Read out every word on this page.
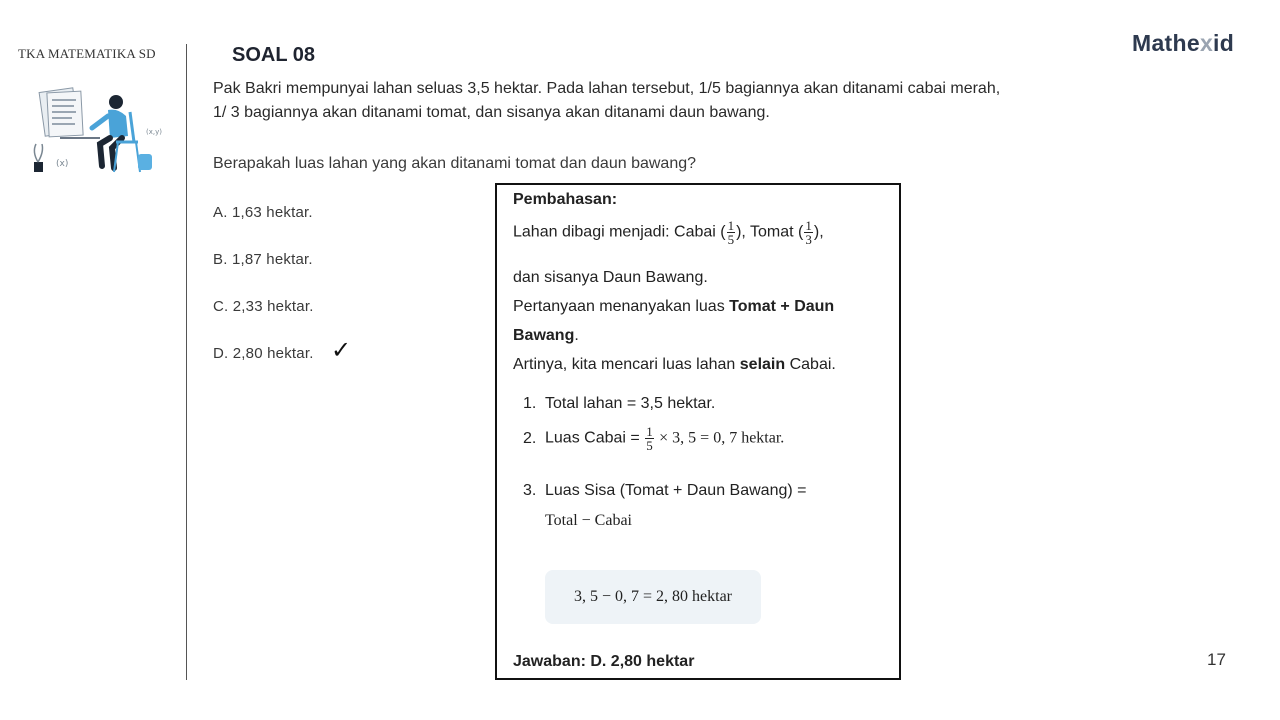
TKA MATEMATIKA SD
(x)
(x,y)
Mathexid
SOAL 08
Pak Bakri mempunyai lahan seluas 3,5 hektar. Pada lahan tersebut, 1/5 bagiannya akan ditanami cabai merah, 1/ 3 bagiannya akan ditanami tomat, dan sisanya akan ditanami daun bawang.
Berapakah luas lahan yang akan ditanami tomat dan daun bawang?
A. 1,63 hektar.
B. 1,87 hektar.
C. 2,33 hektar.
D. 2,80 hektar. ✓
Pembahasan:
Lahan dibagi menjadi: Cabai ( $\frac{1}{5}$ ), Tomat ( $\frac{1}{3}$ ),
dan sisanya Daun Bawang.
Pertanyaan menanyakan luas Tomat + Daun
Bawang.
Artinya, kita mencari luas lahan selain Cabai.
1. Total lahan = 3,5 hektar.
2. Luas Cabai = $\frac{1}{5} \times 3$, 5 = 0, 7 hektar.
3. Luas Sisa (Tomat + Daun Bawang) =
Total − Cabai
3, 5 − 0, 7 = 2, 80 hektar
Jawaban: D. 2,80 hektar	17
